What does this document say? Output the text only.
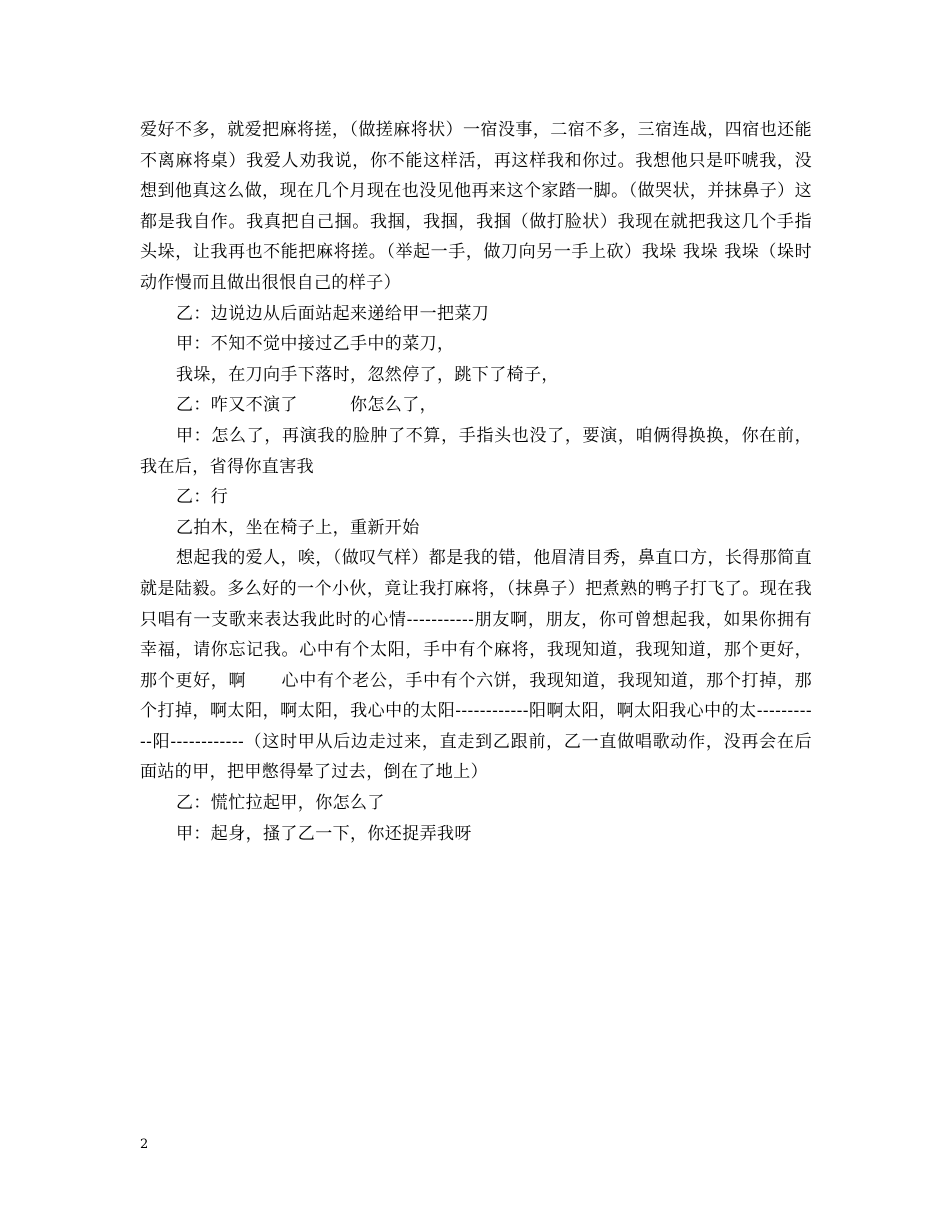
爱好不多，就爱把麻将搓，（做搓麻将状）一宿没事，二宿不多，三宿连战，四宿也还能不离麻将桌）我爱人劝我说，你不能这样活，再这样我和你过。我想他只是吓唬我，没想到他真这么做，现在几个月现在也没见他再来这个家踏一脚。（做哭状，并抹鼻子）这都是我自作。我真把自己掴。我掴，我掴，我掴（做打脸状）我现在就把我这几个手指头垛，让我再也不能把麻将搓。（举起一手，做刀向另一手上砍）我垛 我垛 我垛（垛时动作慢而且做出很恨自己的样子）

乙：边说边从后面站起来递给甲一把菜刀

甲：不知不觉中接过乙手中的菜刀，

我垛，在刀向手下落时，忽然停了，跳下了椅子，

乙：咋又不演了　　　你怎么了，

甲：怎么了，再演我的脸肿了不算，手指头也没了，要演，咱俩得换换，你在前，我在后，省得你直害我

乙：行

乙拍木，坐在椅子上，重新开始

想起我的爱人，唉，（做叹气样）都是我的错，他眉清目秀，鼻直口方，长得那简直就是陆毅。多么好的一个小伙，竟让我打麻将，（抹鼻子）把煮熟的鸭子打飞了。现在我只唱有一支歌来表达我此时的心情-----------朋友啊，朋友，你可曾想起我，如果你拥有幸福，请你忘记我。心中有个太阳，手中有个麻将，我现知道，我现知道，那个更好，那个更好，啊　　心中有个老公，手中有个六饼，我现知道，我现知道，那个打掉，那个打掉，啊太阳，啊太阳，我心中的太阳------------阳啊太阳，啊太阳我心中的太-----------阳------------（这时甲从后边走过来，直走到乙跟前，乙一直做唱歌动作，没再会在后面站的甲，把甲憋得晕了过去，倒在了地上）

乙：慌忙拉起甲，你怎么了

甲：起身，搔了乙一下，你还捉弄我呀

2
